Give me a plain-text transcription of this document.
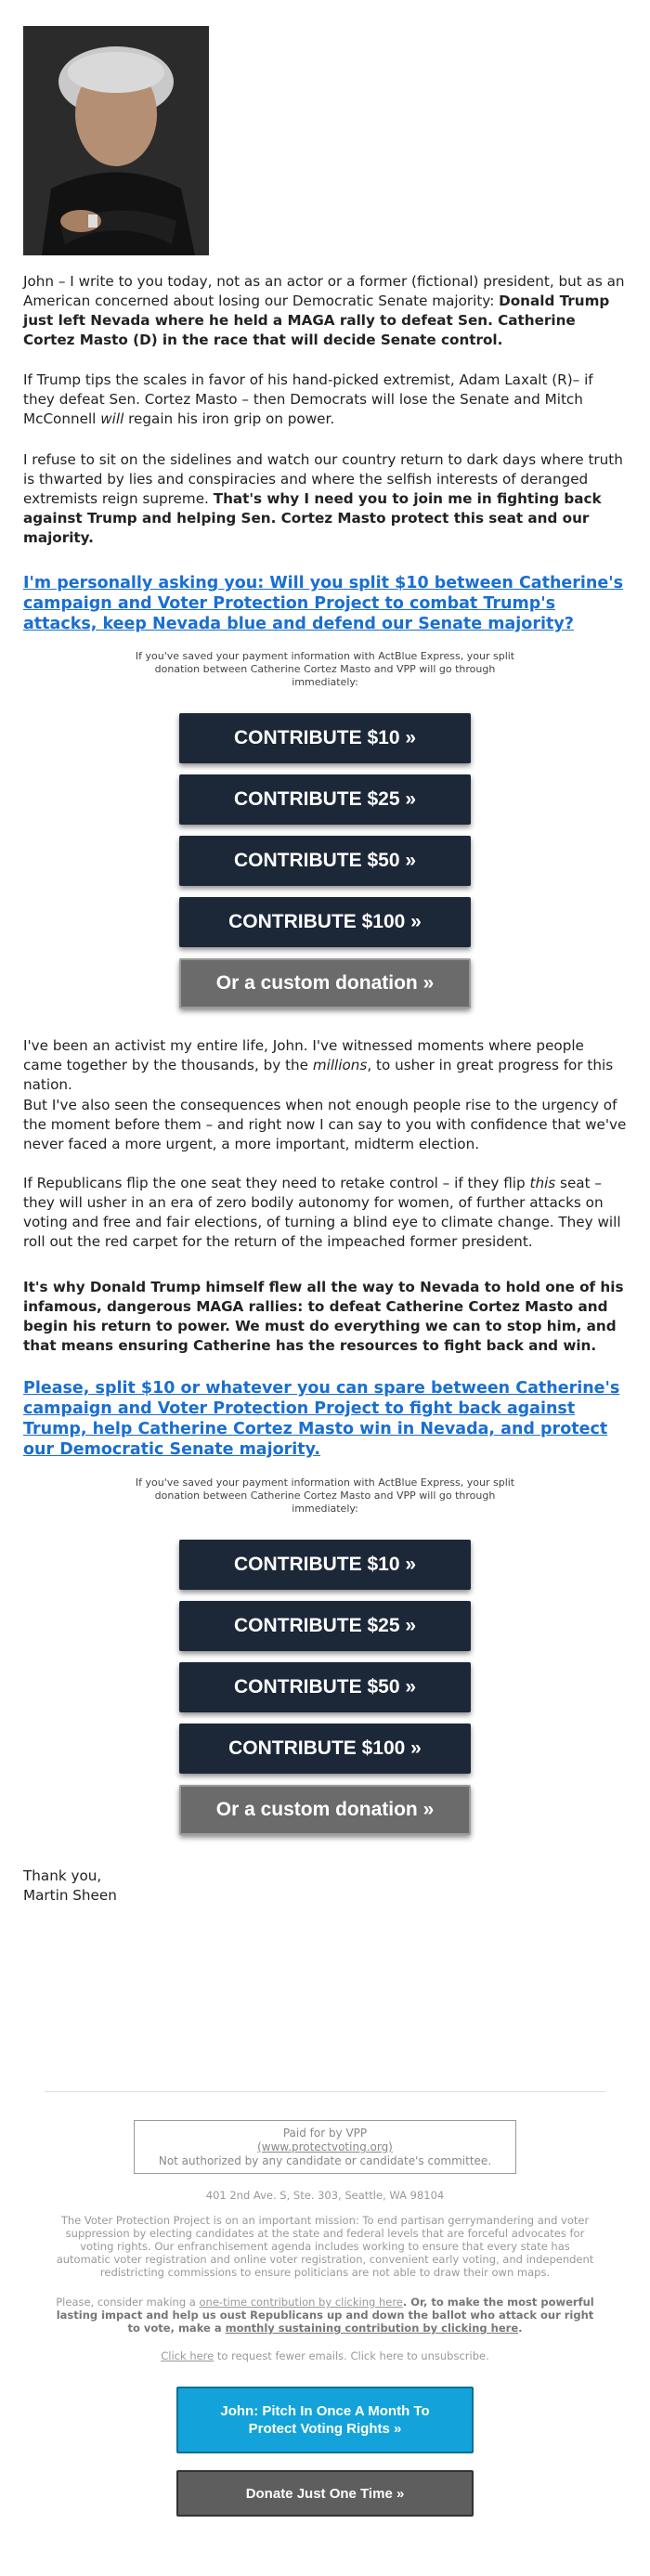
John – I write to you today, not as an actor or a former (fictional) president, but as an American concerned about losing our Democratic Senate majority: Donald Trump just left Nevada where he held a MAGA rally to defeat Sen. Catherine Cortez Masto (D) in the race that will decide Senate control.

If Trump tips the scales in favor of his hand-picked extremist, Adam Laxalt (R)– if they defeat Sen. Cortez Masto – then Democrats will lose the Senate and Mitch McConnell will regain his iron grip on power.

I refuse to sit on the sidelines and watch our country return to dark days where truth is thwarted by lies and conspiracies and where the selfish interests of deranged extremists reign supreme. That's why I need you to join me in fighting back against Trump and helping Sen. Cortez Masto protect this seat and our majority.

I'm personally asking you: Will you split $10 between Catherine's campaign and Voter Protection Project to combat Trump's attacks, keep Nevada blue and defend our Senate majority?

If you've saved your payment information with ActBlue Express, your split donation between Catherine Cortez Masto and VPP will go through immediately:

CONTRIBUTE $10 »
CONTRIBUTE $25 »
CONTRIBUTE $50 »
CONTRIBUTE $100 »
Or a custom donation »

I've been an activist my entire life, John. I've witnessed moments where people came together by the thousands, by the millions, to usher in great progress for this nation.

But I've also seen the consequences when not enough people rise to the urgency of the moment before them – and right now I can say to you with confidence that we've never faced a more urgent, a more important, midterm election.

If Republicans flip the one seat they need to retake control – if they flip this seat – they will usher in an era of zero bodily autonomy for women, of further attacks on voting and free and fair elections, of turning a blind eye to climate change. They will roll out the red carpet for the return of the impeached former president.

It's why Donald Trump himself flew all the way to Nevada to hold one of his infamous, dangerous MAGA rallies: to defeat Catherine Cortez Masto and begin his return to power. We must do everything we can to stop him, and that means ensuring Catherine has the resources to fight back and win.

Please, split $10 or whatever you can spare between Catherine's campaign and Voter Protection Project to fight back against Trump, help Catherine Cortez Masto win in Nevada, and protect our Democratic Senate majority.

If you've saved your payment information with ActBlue Express, your split donation between Catherine Cortez Masto and VPP will go through immediately:

CONTRIBUTE $10 »
CONTRIBUTE $25 »
CONTRIBUTE $50 »
CONTRIBUTE $100 »
Or a custom donation »

Thank you,

Martin Sheen

Paid for by VPP
(www.protectvoting.org)
Not authorized by any candidate or candidate's committee.

401 2nd Ave. S, Ste. 303, Seattle, WA 98104

The Voter Protection Project is on an important mission: To end partisan gerrymandering and voter suppression by electing candidates at the state and federal levels that are forceful advocates for voting rights. Our enfranchisement agenda includes working to ensure that every state has automatic voter registration and online voter registration, convenient early voting, and independent redistricting commissions to ensure politicians are not able to draw their own maps.

Please, consider making a one-time contribution by clicking here. Or, to make the most powerful lasting impact and help us oust Republicans up and down the ballot who attack our right to vote, make a monthly sustaining contribution by clicking here.

Click here to request fewer emails. Click here to unsubscribe.

John: Pitch In Once A Month To Protect Voting Rights »
Donate Just One Time »
